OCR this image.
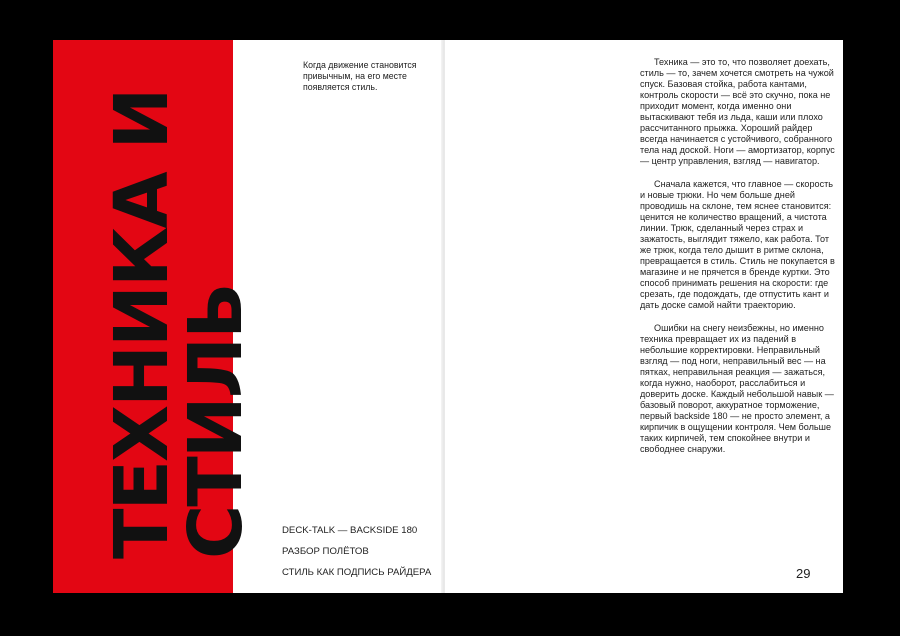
ТЕХНИКА И
СТИЛЬ
Когда движение становится привычным, на его месте появляется стиль.
DECK-TALK — BACKSIDE 180
РАЗБОР ПОЛЁТОВ
СТИЛЬ КАК ПОДПИСЬ РАЙДЕРА

Техника — это то, что позволяет доехать, стиль — то, зачем хочется смотреть на чужой спуск. Базовая стойка, работа кантами, контроль скорости — всё это скучно, пока не приходит момент, когда именно они вытаскивают тебя из льда, каши или плохо рассчитанного прыжка. Хороший райдер всегда начинается с устойчивого, собранного тела над доской. Ноги — амортизатор, корпус — центр управления, взгляд — навигатор.

Сначала кажется, что главное — скорость и новые трюки. Но чем больше дней проводишь на склоне, тем яснее становится: ценится не количество вращений, а чистота линии. Трюк, сделанный через страх и зажатость, выглядит тяжело, как работа. Тот же трюк, когда тело дышит в ритме склона, превращается в стиль. Стиль не покупается в магазине и не прячется в бренде куртки. Это способ принимать решения на скорости: где срезать, где подождать, где отпустить кант и дать доске самой найти траекторию.

Ошибки на снегу неизбежны, но именно техника превращает их из падений в небольшие корректировки. Неправильный взгляд — под ноги, неправильный вес — на пятках, неправильная реакция — зажаться, когда нужно, наоборот, расслабиться и доверить доске. Каждый небольшой навык — базовый поворот, аккуратное торможение, первый backside 180 — не просто элемент, а кирпичик в ощущении контроля. Чем больше таких кирпичей, тем спокойнее внутри и свободнее снаружи.

29
